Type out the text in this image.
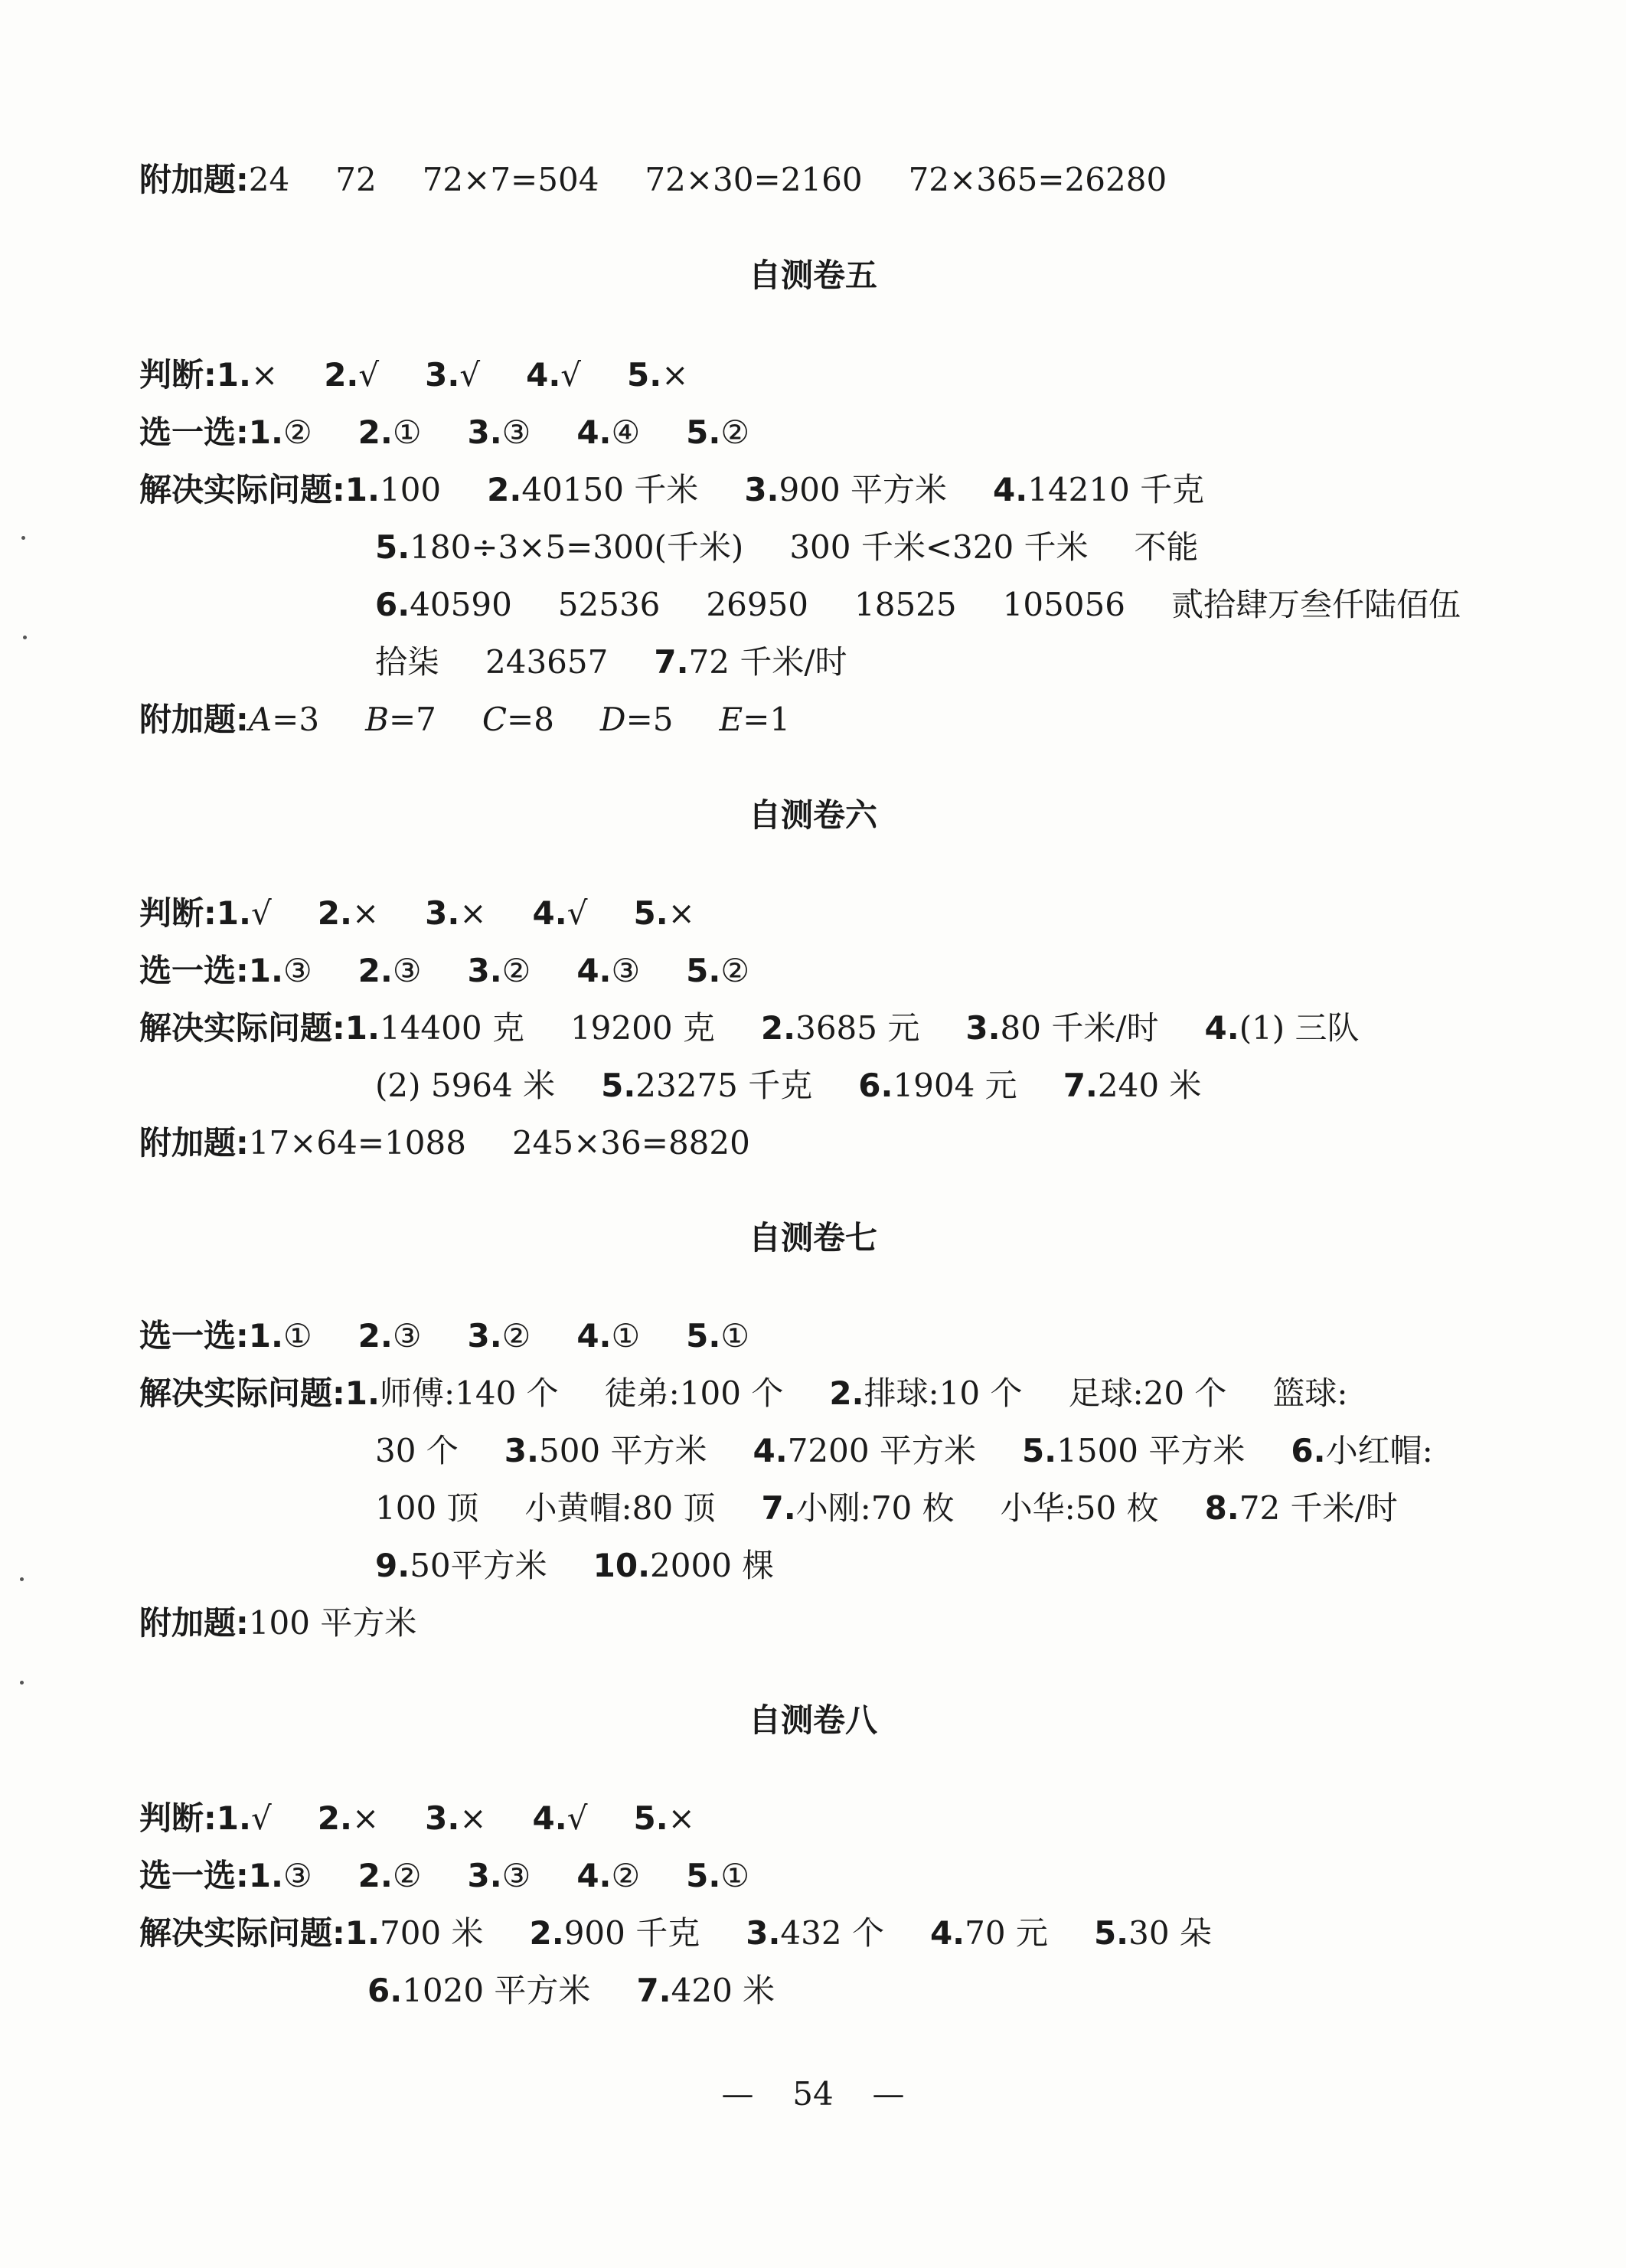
附加题:24 72 72×7=504 72×30=2160 72×365=26280
自测卷五
判断:1.× 2.√ 3.√ 4.√ 5.×
选一选:1.② 2.① 3.③ 4.④ 5.②
解决实际问题:1.100 2.40150 千米 3.900 平方米 4.14210 千克
5.180÷3×5=300(千米) 300 千米<320 千米 不能
6.40590 52536 26950 18525 105056 贰拾肆万叁仟陆佰伍
拾柒 243657 7.72 千米/时
附加题:A=3 B=7 C=8 D=5 E=1
自测卷六
判断:1.√ 2.× 3.× 4.√ 5.×
选一选:1.③ 2.③ 3.② 4.③ 5.②
解决实际问题:1.14400 克 19200 克 2.3685 元 3.80 千米/时 4.(1) 三队
(2) 5964 米 5.23275 千克 6.1904 元 7.240 米
附加题:17×64=1088 245×36=8820
自测卷七
选一选:1.① 2.③ 3.② 4.① 5.①
解决实际问题:1.师傅:140 个 徒弟:100 个 2.排球:10 个 足球:20 个 篮球:
30 个 3.500 平方米 4.7200 平方米 5.1500 平方米 6.小红帽:
100 顶 小黄帽:80 顶 7.小刚:70 枚 小华:50 枚 8.72 千米/时
9.50平方米 10.2000 棵
附加题:100 平方米
自测卷八
判断:1.√ 2.× 3.× 4.√ 5.×
选一选:1.③ 2.② 3.③ 4.② 5.①
解决实际问题:1.700 米 2.900 千克 3.432 个 4.70 元 5.30 朵
6.1020 平方米 7.420 米
— 54 —
